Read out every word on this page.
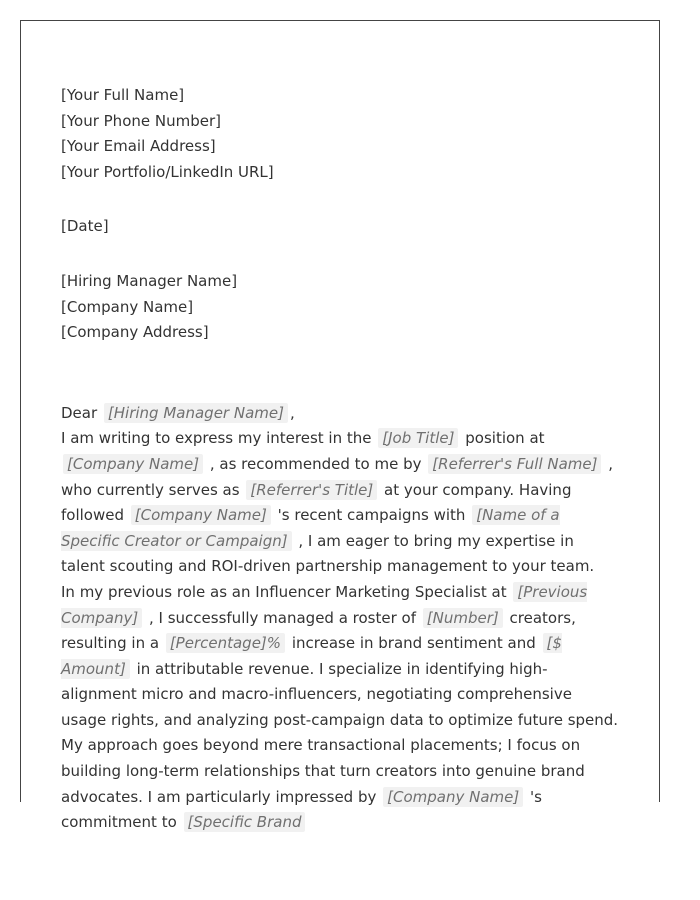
[Your Full Name]
[Your Phone Number]
[Your Email Address]
[Your Portfolio/LinkedIn URL]
[Date]
[Hiring Manager Name]
[Company Name]
[Company Address]
Dear [Hiring Manager Name] ,
I am writing to express my interest in the [Job Title] position at [Company Name] , as recommended to me by [Referrer's Full Name] , who currently serves as [Referrer's Title] at your company. Having followed [Company Name] 's recent campaigns with [Name of a Specific Creator or Campaign] , I am eager to bring my expertise in talent scouting and ROI-driven partnership management to your team.
In my previous role as an Influencer Marketing Specialist at [Previous Company] , I successfully managed a roster of [Number] creators, resulting in a [Percentage]% increase in brand sentiment and [$ Amount] in attributable revenue. I specialize in identifying high-alignment micro and macro-influencers, negotiating comprehensive usage rights, and analyzing post-campaign data to optimize future spend.
My approach goes beyond mere transactional placements; I focus on building long-term relationships that turn creators into genuine brand advocates. I am particularly impressed by [Company Name] 's commitment to [Specific Brand
